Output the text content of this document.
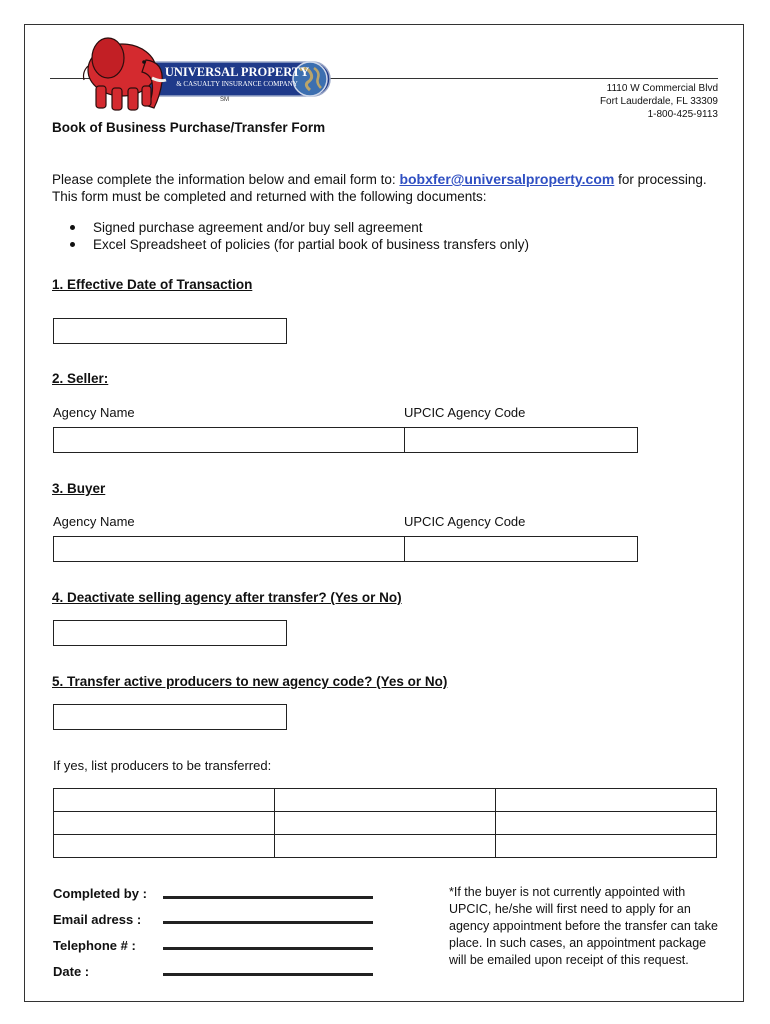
SM
UNIVERSAL PROPERTY
& CASUALTY INSURANCE COMPANY	1110 W Commercial Blvd
Fort Lauderdale, FL 33309
1-800-425-9113
Book of Business Purchase/Transfer Form
Please complete the information below and email form to: bobxfer@universalproperty.com for processing.
This form must be completed and returned with the following documents:
Signed purchase agreement and/or buy sell agreement
Excel Spreadsheet of policies (for partial book of business transfers only)
1. Effective Date of Transaction
2. Seller:
Agency Name	UPCIC Agency Code
3. Buyer
Agency Name	UPCIC Agency Code
4. Deactivate selling agency after transfer? (Yes or No)
5. Transfer active producers to new agency code? (Yes or No)
If yes, list producers to be transferred:

Completed by :
Email adress :
Telephone # :
Date :
*If the buyer is not currently appointed with UPCIC, he/she will first need to apply for an agency appointment before the transfer can take place. In such cases, an appointment package will be emailed upon receipt of this request.
